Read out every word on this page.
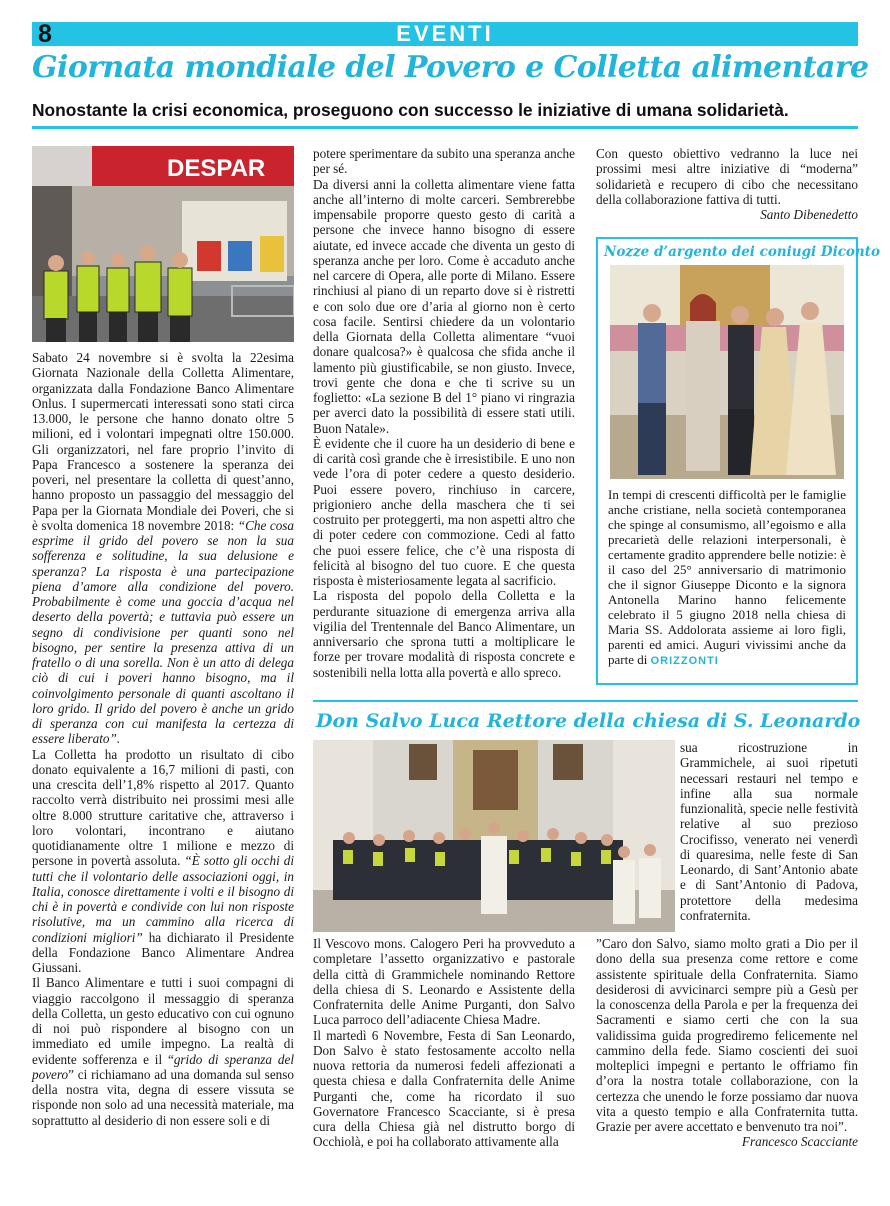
8	EVENTI
Giornata mondiale del Povero e Colletta alimentare
Nonostante la crisi economica, proseguono con successo le iniziative di umana solidarietà.
DESPAR

Sabato 24 novembre si è svolta la 22esima Giornata Nazionale della Colletta Alimentare, organizzata dalla Fondazione Banco Alimentare Onlus. I supermercati interessati sono stati circa 13.000, le persone che hanno donato oltre 5 milioni, ed i volontari impegnati oltre 150.000. Gli organizzatori, nel fare proprio l’invito di Papa Francesco a sostenere la speranza dei poveri, nel presentare la colletta di quest’anno, hanno proposto un passaggio del messaggio del Papa per la Giornata Mondiale dei Poveri, che si è svolta domenica 18 novembre 2018: “Che cosa esprime il grido del povero se non la sua sofferenza e solitudine, la sua delusione e speranza? La risposta è una partecipazione piena d’amore alla condizione del povero. Probabilmente è come una goccia d’acqua nel deserto della povertà; e tuttavia può essere un segno di condivisione per quanti sono nel bisogno, per sentire la presenza attiva di un fratello o di una sorella. Non è un atto di delega ciò di cui i poveri hanno bisogno, ma il coinvolgimento personale di quanti ascoltano il loro grido. Il grido del povero è anche un grido di speranza con cui manifesta la certezza di essere liberato”.

La Colletta ha prodotto un risultato di cibo donato equivalente a 16,7 milioni di pasti, con una crescita dell’1,8% rispetto al 2017. Quanto raccolto verrà distribuito nei prossimi mesi alle oltre 8.000 strutture caritative che, attraverso i loro volontari, incontrano e aiutano quotidianamente oltre 1 milione e mezzo di persone in povertà assoluta. “È sotto gli occhi di tutti che il volontario delle associazioni oggi, in Italia, conosce direttamente i volti e il bisogno di chi è in povertà e condivide con lui non risposte risolutive, ma un cammino alla ricerca di condizioni migliori” ha dichiarato il Presidente della Fondazione Banco Alimentare Andrea Giussani.

Il Banco Alimentare e tutti i suoi compagni di viaggio raccolgono il messaggio di speranza della Colletta, un gesto educativo con cui ognuno di noi può rispondere al bisogno con un immediato ed umile impegno. La realtà di evidente sofferenza e il “grido di speranza del povero” ci richiamano ad una domanda sul senso della nostra vita, degna di essere vissuta se risponde non solo ad una necessità materiale, ma soprattutto al desiderio di non essere soli e di

potere sperimentare da subito una speranza anche per sé.

Da diversi anni la colletta alimentare viene fatta anche all’interno di molte carceri. Sembrerebbe impensabile proporre questo gesto di carità a persone che invece hanno bisogno di essere aiutate, ed invece accade che diventa un gesto di speranza anche per loro. Come è accaduto anche nel carcere di Opera, alle porte di Milano. Essere rinchiusi al piano di un reparto dove si è ristretti e con solo due ore d’aria al giorno non è certo cosa facile. Sentirsi chiedere da un volontario della Giornata della Colletta alimentare “vuoi donare qualcosa?» è qualcosa che sfida anche il lamento più giustificabile, se non giusto. Invece, trovi gente che dona e che ti scrive su un foglietto: «La sezione B del 1° piano vi ringrazia per averci dato la possibilità di essere stati utili. Buon Natale».

È evidente che il cuore ha un desiderio di bene e di carità così grande che è irresistibile. E uno non vede l’ora di poter cedere a questo desiderio. Puoi essere povero, rinchiuso in carcere, prigioniero anche della maschera che ti sei costruito per proteggerti, ma non aspetti altro che di poter cedere con commozione. Cedi al fatto che puoi essere felice, che c’è una risposta di felicità al bisogno del tuo cuore. E che questa risposta è misteriosamente legata al sacrificio.

La risposta del popolo della Colletta e la perdurante situazione di emergenza arriva alla vigilia del Trentennale del Banco Alimentare, un anniversario che sprona tutti a moltiplicare le forze per trovare modalità di risposta concrete e sostenibili nella lotta alla povertà e allo spreco.

Con questo obiettivo vedranno la luce nei prossimi mesi altre iniziative di “moderna” solidarietà e recupero di cibo che necessitano della collaborazione fattiva di tutti.

Santo Dibenedetto

Nozze d’argento dei coniugi Diconto

In tempi di crescenti difficoltà per le famiglie anche cristiane, nella società contemporanea che spinge al consumismo, all’egoismo e alla precarietà delle relazioni interpersonali, è certamente gradito apprendere belle notizie: è il caso del 25° anniversario di matrimonio che il signor Giuseppe Diconto e la signora Antonella Marino hanno felicemente celebrato il 5 giugno 2018 nella chiesa di Maria SS. Addolorata assieme ai loro figli, parenti ed amici. Auguri vivissimi anche da parte di ORIZZONTI

Don Salvo Luca Rettore della chiesa di S. Leonardo

sua ricostruzione in Grammichele, ai suoi ripetuti necessari restauri nel tempo e infine alla sua normale funzionalità, specie nelle festività relative al suo prezioso Crocifisso, venerato nei venerdì di quaresima, nelle feste di San Leonardo, di Sant’Antonio abate e di Sant’Antonio di Padova, protettore della medesima confraternita.

Il Vescovo mons. Calogero Peri ha provveduto a completare l’assetto organizzativo e pastorale della città di Grammichele nominando Rettore della chiesa di S. Leonardo e Assistente della Confraternita delle Anime Purganti, don Salvo Luca parroco dell’adiacente Chiesa Madre.

Il martedì 6 Novembre, Festa di San Leonardo, Don Salvo è stato festosamente accolto nella nuova rettoria da numerosi fedeli affezionati a questa chiesa e dalla Confraternita delle Anime Purganti che, come ha ricordato il suo Governatore Francesco Scacciante, si è presa cura della Chiesa già nel distrutto borgo di Occhiolà, e poi ha collaborato attivamente alla

”Caro don Salvo, siamo molto grati a Dio per il dono della sua presenza come rettore e come assistente spirituale della Confraternita. Siamo desiderosi di avvicinarci sempre più a Gesù per la conoscenza della Parola e per la frequenza dei Sacramenti e siamo certi che con la sua validissima guida progrediremo felicemente nel cammino della fede. Siamo coscienti dei suoi molteplici impegni e pertanto le offriamo fin d’ora la nostra totale collaborazione, con la certezza che unendo le forze possiamo dar nuova vita a questo tempio e alla Confraternita tutta. Grazie per avere accettato e benvenuto tra noi”.

Francesco Scacciante
